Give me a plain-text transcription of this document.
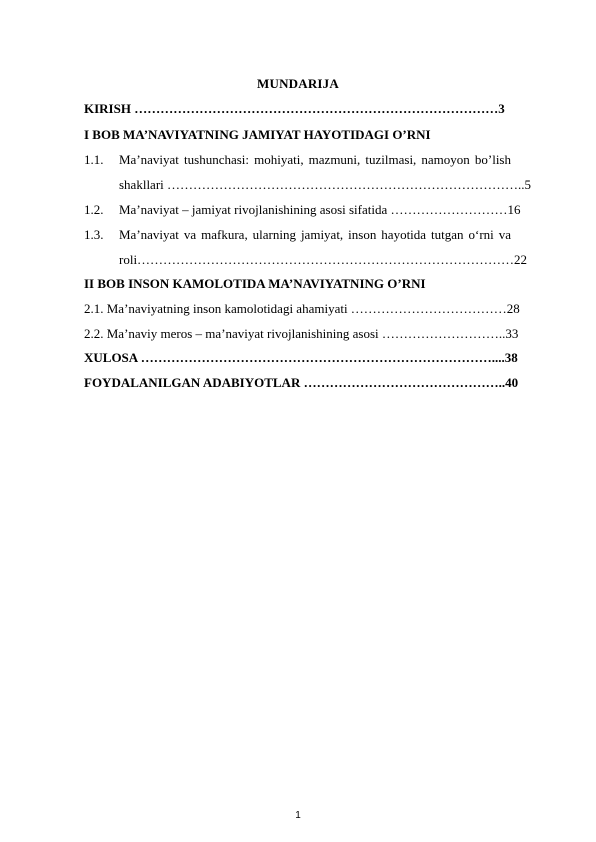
MUNDARIJA
KIRISH …………………………………………………………………………3
I BOB MA’NAVIYATNING JAMIYAT HAYOTIDAGI O’RNI
1.1. Ma’naviyat tushunchasi: mohiyati, mazmuni, tuzilmasi, namoyon bo’lish
shakllari ………………………………………………………………………..5
1.2. Ma’naviyat – jamiyat rivojlanishining asosi sifatida ………………………16
1.3. Ma’naviyat va mafkura, ularning jamiyat, inson hayotida tutgan o‘rni va
roli……………………………………………………………………………22
II BOB INSON KAMOLOTIDA MA’NAVIYATNING O’RNI
2.1. Ma’naviyatning inson kamolotidagi ahamiyati ………………………………28
2.2. Ma’naviy meros – ma’naviyat rivojlanishining asosi ………………………..33
XULOSA ………………………………………………………………………....38
FOYDALANILGAN ADABIYOTLAR ………………………………………..40
1
